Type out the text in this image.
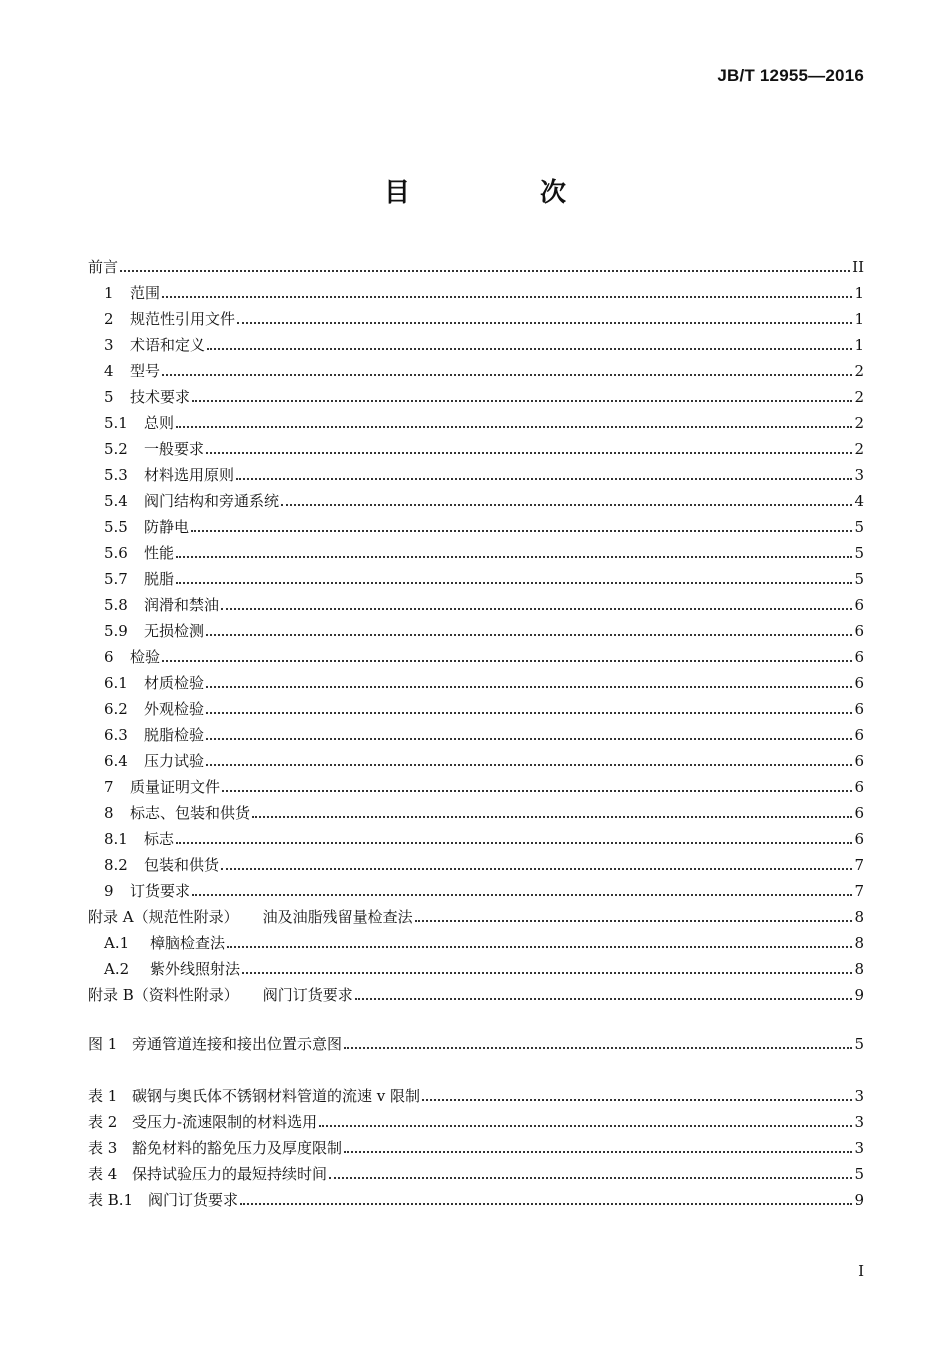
JB/T 12955—2016
目　次
前言	II
1	范围	1
2	规范性引用文件	1
3	术语和定义	1
4	型号	2
5	技术要求	2
5.1	总则	2
5.2	一般要求	2
5.3	材料选用原则	3
5.4	阀门结构和旁通系统	4
5.5	防静电	5
5.6	性能	5
5.7	脱脂	5
5.8	润滑和禁油	6
5.9	无损检测	6
6	检验	6
6.1	材质检验	6
6.2	外观检验	6
6.3	脱脂检验	6
6.4	压力试验	6
7	质量证明文件	6
8	标志、包装和供货	6
8.1	标志	6
8.2	包装和供货	7
9	订货要求	7
附录 A（规范性附录） 油及油脂残留量检查法	8
A.1	樟脑检查法	8
A.2	紫外线照射法	8
附录 B（资料性附录） 阀门订货要求	9
图 1 旁通管道连接和接出位置示意图	5
表 1 碳钢与奥氏体不锈钢材料管道的流速 v 限制	3
表 2 受压力-流速限制的材料选用	3
表 3 豁免材料的豁免压力及厚度限制	3
表 4 保持试验压力的最短持续时间	5
表 B.1 阀门订货要求	9
I
